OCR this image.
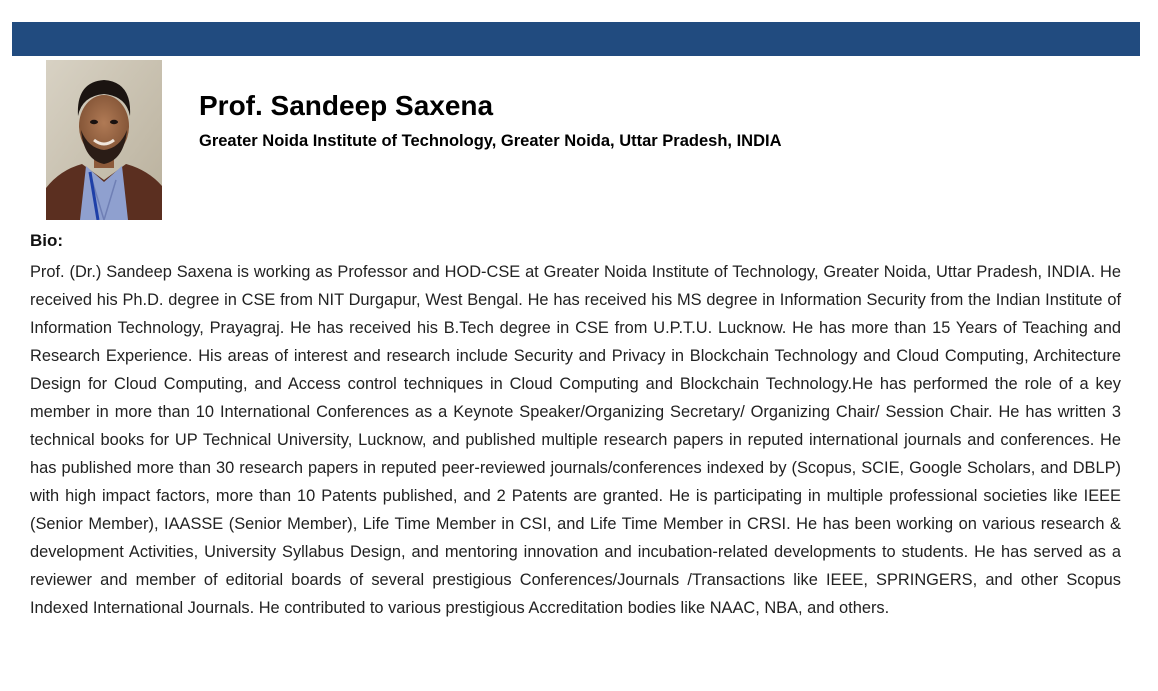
Prof. Sandeep Saxena

Greater Noida Institute of Technology, Greater Noida, Uttar Pradesh, INDIA

Bio:

Prof. (Dr.) Sandeep Saxena is working as Professor and HOD-CSE at Greater Noida Institute of Technology, Greater Noida, Uttar Pradesh, INDIA. He received his Ph.D. degree in CSE from NIT Durgapur, West Bengal. He has received his MS degree in Information Security from the Indian Institute of Information Technology, Prayagraj. He has received his B.Tech degree in CSE from U.P.T.U. Lucknow. He has more than 15 Years of Teaching and Research Experience. His areas of interest and research include Security and Privacy in Blockchain Technology and Cloud Computing, Architecture Design for Cloud Computing, and Access control techniques in Cloud Computing and Blockchain Technology.He has performed the role of a key member in more than 10 International Conferences as a Keynote Speaker/Organizing Secretary/ Organizing Chair/ Session Chair. He has written 3 technical books for UP Technical University, Lucknow, and published multiple research papers in reputed international journals and conferences. He has published more than 30 research papers in reputed peer-reviewed journals/conferences indexed by (Scopus, SCIE, Google Scholars, and DBLP) with high impact factors, more than 10 Patents published, and 2 Patents are granted. He is participating in multiple professional societies like IEEE (Senior Member), IAASSE (Senior Member), Life Time Member in CSI, and Life Time Member in CRSI. He has been working on various research & development Activities, University Syllabus Design, and mentoring innovation and incubation-related developments to students. He has served as a reviewer and member of editorial boards of several prestigious Conferences/Journals /Transactions like IEEE, SPRINGERS, and other Scopus Indexed International Journals. He contributed to various prestigious Accreditation bodies like NAAC, NBA, and others.
